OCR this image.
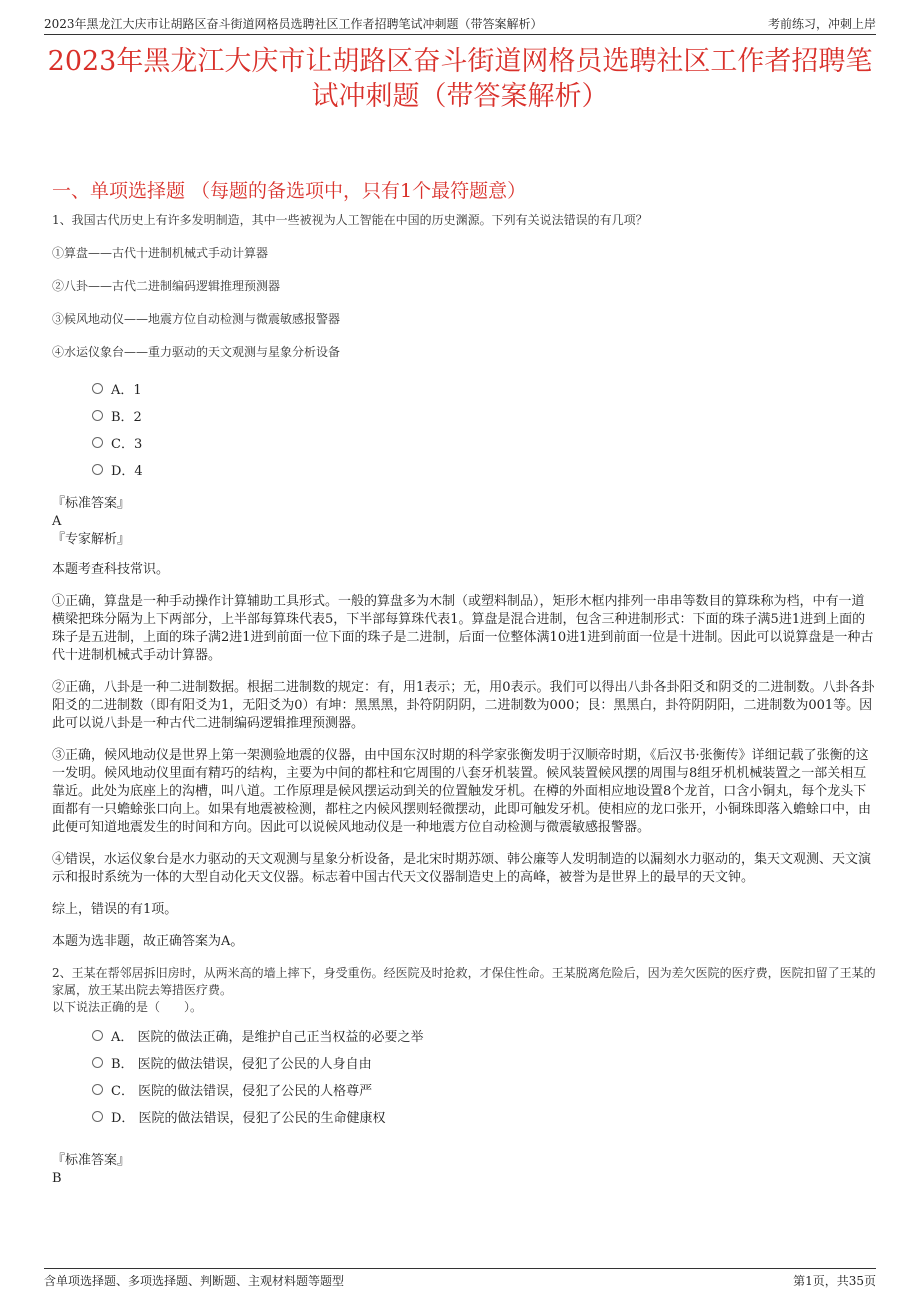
2023年黑龙江大庆市让胡路区奋斗街道网格员选聘社区工作者招聘笔试冲刺题（带答案解析）	考前练习，冲刺上岸
2023年黑龙江大庆市让胡路区奋斗街道网格员选聘社区工作者招聘笔试冲刺题（带答案解析）
一、单项选择题 （每题的备选项中，只有1个最符题意）

1、我国古代历史上有许多发明制造，其中一些被视为人工智能在中国的历史渊源。下列有关说法错误的有几项？

①算盘——古代十进制机械式手动计算器

②八卦——古代二进制编码逻辑推理预测器

③候风地动仪——地震方位自动检测与微震敏感报警器

④水运仪象台——重力驱动的天文观测与星象分析设备

A．1
B．2
C．3
D．4
『标准答案』
A
『专家解析』

本题考查科技常识。

①正确，算盘是一种手动操作计算辅助工具形式。一般的算盘多为木制（或塑料制品），矩形木框内排列一串串等数目的算珠称为档，中有一道横梁把珠分隔为上下两部分，上半部每算珠代表5，下半部每算珠代表1。算盘是混合进制，包含三种进制形式：下面的珠子满5进1进到上面的珠子是五进制，上面的珠子满2进1进到前面一位下面的珠子是二进制，后面一位整体满10进1进到前面一位是十进制。因此可以说算盘是一种古代十进制机械式手动计算器。

②正确，八卦是一种二进制数据。根据二进制数的规定：有，用1表示；无，用0表示。我们可以得出八卦各卦阳爻和阴爻的二进制数。八卦各卦阳爻的二进制数（即有阳爻为1，无阳爻为0）有坤：黑黑黑，卦符阴阴阴，二进制数为000；艮：黑黑白，卦符阴阴阳，二进制数为001等。因此可以说八卦是一种古代二进制编码逻辑推理预测器。

③正确，候风地动仪是世界上第一架测验地震的仪器，由中国东汉时期的科学家张衡发明于汉顺帝时期，《后汉书·张衡传》详细记载了张衡的这一发明。候风地动仪里面有精巧的结构，主要为中间的都柱和它周围的八套牙机装置。候风装置候风摆的周围与8组牙机机械装置之一部关相互靠近。此处为底座上的沟槽，叫八道。工作原理是候风摆运动到关的位置触发牙机。在樽的外面相应地设置8个龙首，口含小铜丸，每个龙头下面都有一只蟾蜍张口向上。如果有地震被检测，都柱之内候风摆则轻微摆动，此即可触发牙机。使相应的龙口张开，小铜珠即落入蟾蜍口中，由此便可知道地震发生的时间和方向。因此可以说候风地动仪是一种地震方位自动检测与微震敏感报警器。

④错误，水运仪象台是水力驱动的天文观测与星象分析设备，是北宋时期苏颂、韩公廉等人发明制造的以漏刻水力驱动的，集天文观测、天文演示和报时系统为一体的大型自动化天文仪器。标志着中国古代天文仪器制造史上的高峰，被誉为是世界上的最早的天文钟。

综上，错误的有1项。

本题为选非题，故正确答案为A。

2、王某在帮邻居拆旧房时，从两米高的墙上摔下，身受重伤。经医院及时抢救，才保住性命。王某脱离危险后，因为差欠医院的医疗费，医院扣留了王某的家属，放王某出院去筹措医疗费。

以下说法正确的是（　　）。

A． 医院的做法正确，是维护自己正当权益的必要之举
B． 医院的做法错误，侵犯了公民的人身自由
C． 医院的做法错误，侵犯了公民的人格尊严
D． 医院的做法错误，侵犯了公民的生命健康权
『标准答案』
B
含单项选择题、多项选择题、判断题、主观材料题等题型	第1页，共35页
